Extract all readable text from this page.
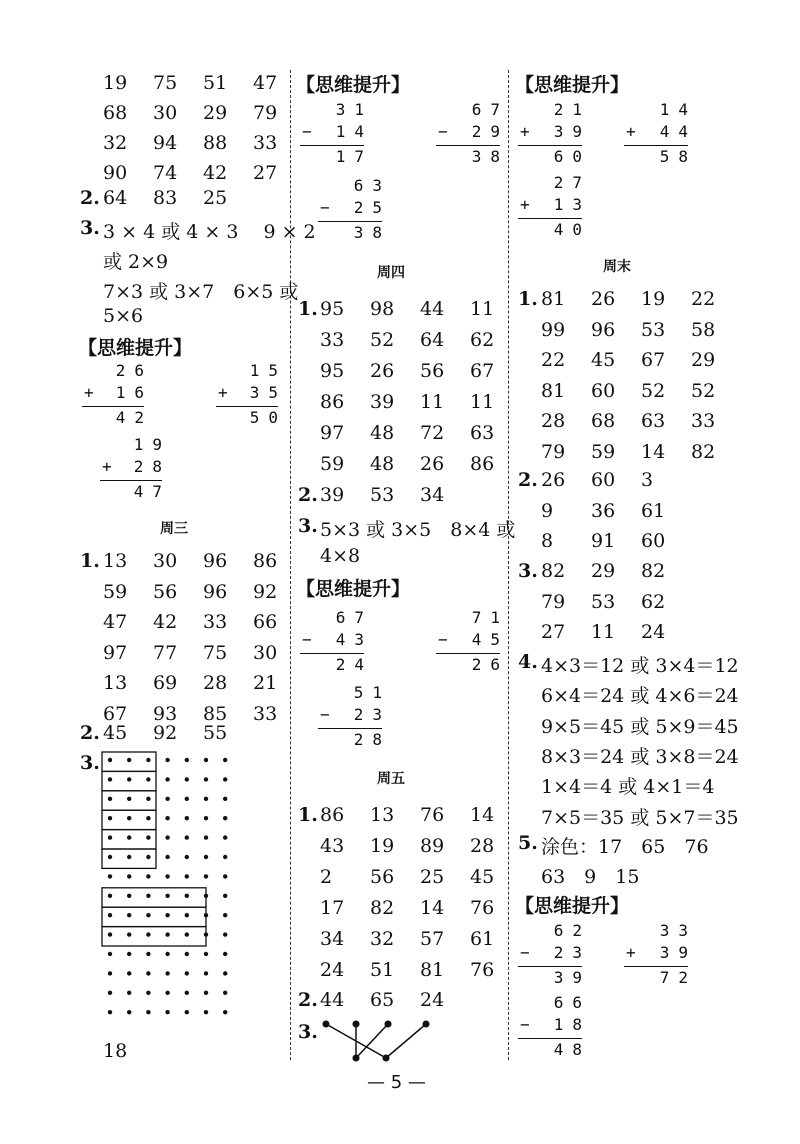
19 75 51 47
68 30 29 79
32 94 88 33
90 74 42 27
2. 64 83 25
3. 3 × 4 或 4 × 3　 9 × 2
或 2×9
7×3 或 3×7　6×5 或
5×6
【思维提升】
26
+ 16
42
15
+ 35
50
19
+ 28
47
周三
1. 13 30 96 86
59 56 96 92
47 42 33 66
97 77 75 30
13 69 28 21
67 93 85 33
2. 45 92 55
3.
18
【思维提升】
31
− 14
17
67
− 29
38
63
− 25
38
周四
1. 95 98 44 11
33 52 64 62
95 26 56 67
86 39 11 11
97 48 72 63
59 48 26 86
2. 39 53 34
3. 5×3 或 3×5　8×4 或
4×8
【思维提升】
67
− 43
24
71
− 45
26
51
− 23
28
周五
1. 86 13 76 14
43 19 89 28
2 56 25 45
17 82 14 76
34 32 57 61
24 51 81 76
2. 44 65 24
3.
【思维提升】
21
+ 39
60
14
+ 44
58
27
+ 13
40
周末
1. 81 26 19 22
99 96 53 58
22 45 67 29
81 60 52 52
28 68 63 33
79 59 14 82
2. 26 60 3
9 36 61
8 91 60
3. 82 29 82
79 53 62
27 11 24
4. 4×3＝12 或 3×4＝12
6×4＝24 或 4×6＝24
9×5＝45 或 5×9＝45
8×3＝24 或 3×8＝24
1×4＝4 或 4×1＝4
7×5＝35 或 5×7＝35
5. 涂色：17　65　76
63　9　15
【思维提升】
62
− 23
39
33
+ 39
72
66
− 18
48
— 5 —
